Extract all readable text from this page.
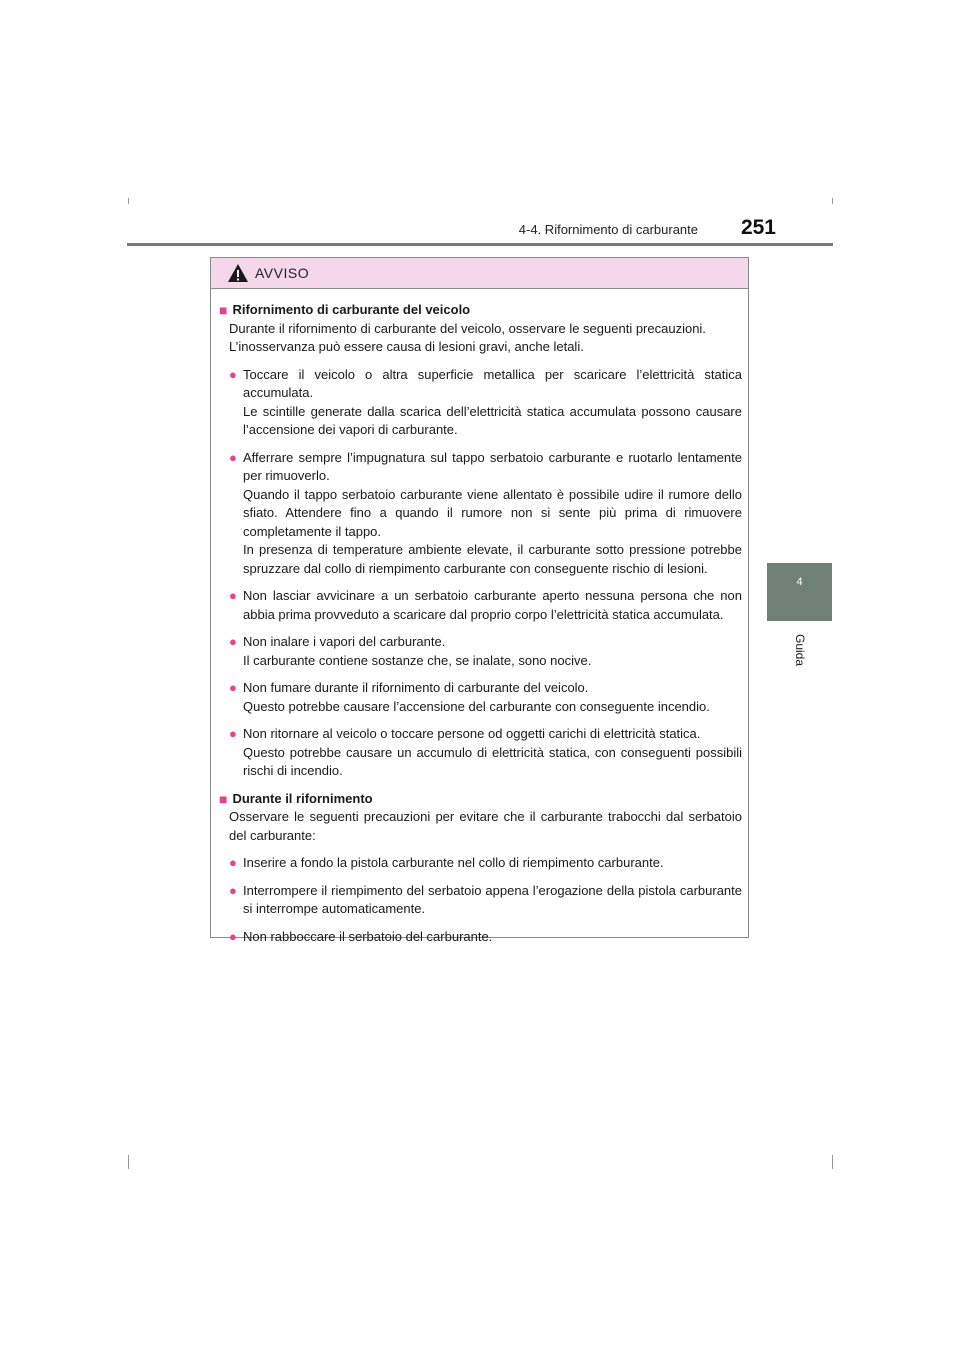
4-4. Rifornimento di carburante	251
4
Guida
AVVISO
■ Rifornimento di carburante del veicolo
Durante il rifornimento di carburante del veicolo, osservare le seguenti precauzioni.
L’inosservanza può essere causa di lesioni gravi, anche letali.
● Toccare il veicolo o altra superficie metallica per scaricare l’elettricità statica accumulata.
Le scintille generate dalla scarica dell’elettricità statica accumulata possono causare l’accensione dei vapori di carburante.
● Afferrare sempre l’impugnatura sul tappo serbatoio carburante e ruotarlo lentamente per rimuoverlo.
Quando il tappo serbatoio carburante viene allentato è possibile udire il rumore dello sfiato. Attendere fino a quando il rumore non si sente più prima di rimuovere completamente il tappo.
In presenza di temperature ambiente elevate, il carburante sotto pressione potrebbe spruzzare dal collo di riempimento carburante con conseguente rischio di lesioni.
● Non lasciar avvicinare a un serbatoio carburante aperto nessuna persona che non abbia prima provveduto a scaricare dal proprio corpo l’elettricità statica accumulata.
● Non inalare i vapori del carburante.
Il carburante contiene sostanze che, se inalate, sono nocive.
● Non fumare durante il rifornimento di carburante del veicolo.
Questo potrebbe causare l’accensione del carburante con conseguente incendio.
● Non ritornare al veicolo o toccare persone od oggetti carichi di elettricità statica.
Questo potrebbe causare un accumulo di elettricità statica, con conseguenti possibili rischi di incendio.
■ Durante il rifornimento
Osservare le seguenti precauzioni per evitare che il carburante trabocchi dal serbatoio del carburante:
● Inserire a fondo la pistola carburante nel collo di riempimento carburante.
● Interrompere il riempimento del serbatoio appena l’erogazione della pistola carburante si interrompe automaticamente.
● Non rabboccare il serbatoio del carburante.
